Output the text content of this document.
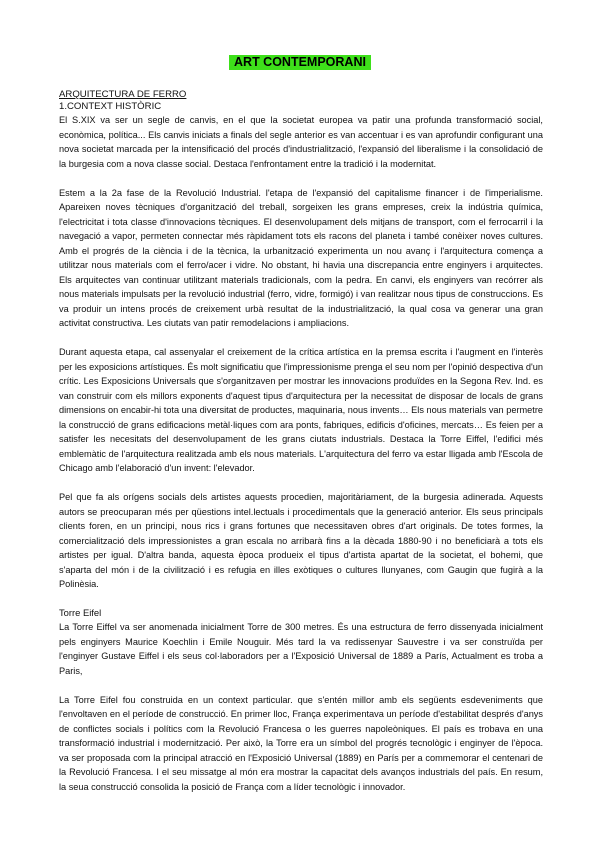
ART CONTEMPORANI
ARQUITECTURA DE FERRO
1.CONTEXT HISTÒRIC

El S.XIX va ser un segle de canvis, en el que la societat europea va patir una profunda transformació social, econòmica, política... Els canvis iniciats a finals del segle anterior es van accentuar i es van aprofundir configurant una nova societat marcada per la intensificació del procés d'industrialització, l'expansió del liberalisme i la consolidació de la burgesia com a nova classe social. Destaca l'enfrontament entre la tradició i la modernitat.

Estem a la 2a fase de la Revolució Industrial. l'etapa de l'expansió del capitalisme financer i de l'imperialisme. Apareixen noves tècniques d'organització del treball, sorgeixen les grans empreses, creix la indústria química, l'electricitat i tota classe d'innovacions tècniques. El desenvolupament dels mitjans de transport, com el ferrocarril i la navegació a vapor, permeten connectar més ràpidament tots els racons del planeta i també conèixer noves cultures. Amb el progrés de la ciència i de la tècnica, la urbanització experimenta un nou avanç i l'arquitectura comença a utilitzar nous materials com el ferro/acer i vidre. No obstant, hi havia una discrepancia entre enginyers i arquitectes. Els arquitectes van continuar utilitzant materials tradicionals, com la pedra. En canvi, els enginyers van recórrer als nous materials impulsats per la revolució industrial (ferro, vidre, formigó) i van realitzar nous tipus de construccions. Es va produir un intens procés de creixement urbà resultat de la industrialització, la qual cosa va generar una gran activitat constructiva. Les ciutats van patir remodelacions i ampliacions.

Durant aquesta etapa, cal assenyalar el creixement de la crítica artística en la premsa escrita i l'augment en l'interès per les exposicions artístiques. És molt significatiu que l'impressionisme prenga el seu nom per l'opinió despectiva d'un crític. Les Exposicions Universals que s'organitzaven per mostrar les innovacions produïdes en la Segona Rev. Ind. es van construir com els millors exponents d'aquest tipus d'arquitectura per la necessitat de disposar de locals de grans dimensions on encabir-hi tota una diversitat de productes, maquinaria, nous invents… Els nous materials van permetre la construcció de grans edificacions metàl·liques com ara ponts, fabriques, edificis d'oficines, mercats… Es feien per a satisfer les necesitats del desenvolupament de les grans ciutats industrials. Destaca la Torre Eiffel, l'edifici més emblemàtic de l'arquitectura realitzada amb els nous materials. L'arquitectura del ferro va estar lligada amb l'Escola de Chicago amb l'elaboració d'un invent: l'elevador.

Pel que fa als orígens socials dels artistes aquests procedien, majoritàriament, de la burgesia adinerada. Aquests autors se preocuparan més per qüestions intel.lectuals i procedimentals que la generació anterior. Els seus principals clients foren, en un principi, nous rics i grans fortunes que necessitaven obres d'art originals. De totes formes, la comercialització dels impressionistes a gran escala no arribarà fins a la dècada 1880-90 i no beneficiarà a tots els artistes per igual. D'altra banda, aquesta època produeix el tipus d'artista apartat de la societat, el bohemi, que s'aparta del món i de la civilització i es refugia en illes exòtiques o cultures llunyanes, com Gaugin que fugirà a la Polinèsia.

Torre Eifel

La Torre Eiffel va ser anomenada inicialment Torre de 300 metres. És una estructura de ferro dissenyada inicialment pels enginyers Maurice Koechlin i Emile Nouguir. Més tard la va redissenyar Sauvestre i va ser construïda per l'enginyer Gustave Eiffel i els seus col·laboradors per a l'Exposició Universal de 1889 a París, Actualment es troba a Paris,

La Torre Eifel fou construida en un context particular. que s'entén millor amb els següents esdeveniments que l'envoltaven en el període de construcció. En primer lloc, França experimentava un període d'estabilitat després d'anys de conflictes socials i polítics com la Revolució Francesa o les guerres napoleòniques. El país es trobava en una transformació industrial i modernització. Per això, la Torre era un símbol del progrés tecnològic i enginyer de l'època. va ser proposada com la principal atracció en l'Exposició Universal (1889) en París per a commemorar el centenari de la Revolució Francesa. I el seu missatge al món era mostrar la capacitat dels avanços industrials del país. En resum, la seua construcció consolida la posició de França com a líder tecnològic i innovador.
